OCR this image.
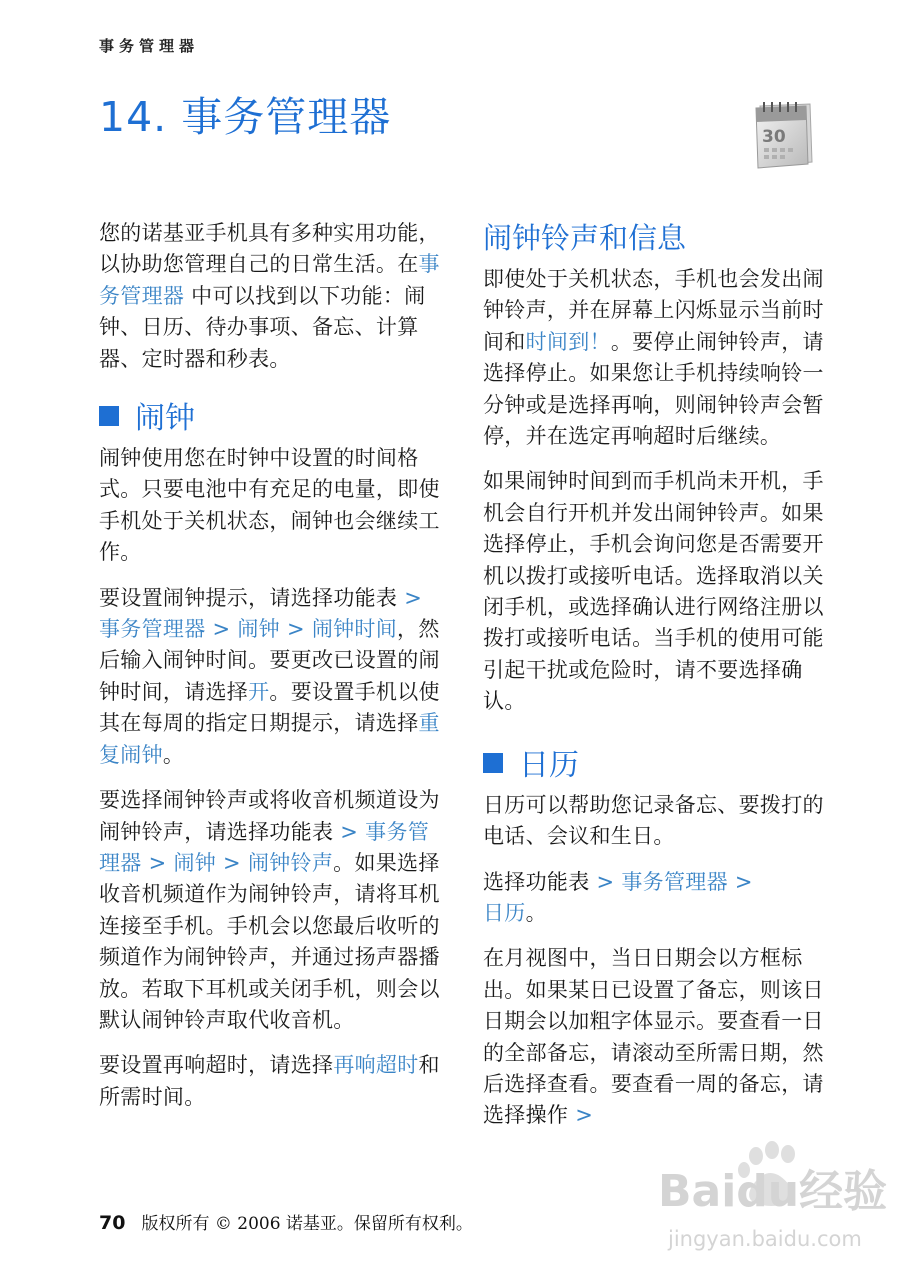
事务管理器
14. 事务管理器	30

您的诺基亚手机具有多种实用功能，以协助您管理自己的日常生活。在事务管理器 中可以找到以下功能：闹钟、日历、待办事项、备忘、计算器、定时器和秒表。

闹钟

闹钟使用您在时钟中设置的时间格式。只要电池中有充足的电量，即使手机处于关机状态，闹钟也会继续工作。

要设置闹钟提示，请选择功能表 > 事务管理器 > 闹钟 > 闹钟时间，然后输入闹钟时间。要更改已设置的闹钟时间，请选择开。要设置手机以使其在每周的指定日期提示，请选择重复闹钟。

要选择闹钟铃声或将收音机频道设为闹钟铃声，请选择功能表 > 事务管理器 > 闹钟 > 闹钟铃声。如果选择收音机频道作为闹钟铃声，请将耳机连接至手机。手机会以您最后收听的频道作为闹钟铃声，并通过扬声器播放。若取下耳机或关闭手机，则会以默认闹钟铃声取代收音机。

要设置再响超时，请选择再响超时和所需时间。

闹钟铃声和信息

即使处于关机状态，手机也会发出闹钟铃声，并在屏幕上闪烁显示当前时间和时间到！。要停止闹钟铃声，请选择停止。如果您让手机持续响铃一分钟或是选择再响，则闹钟铃声会暂停，并在选定再响超时后继续。

如果闹钟时间到而手机尚未开机，手机会自行开机并发出闹钟铃声。如果选择停止，手机会询问您是否需要开机以拨打或接听电话。选择取消以关闭手机，或选择确认进行网络注册以拨打或接听电话。当手机的使用可能引起干扰或危险时，请不要选择确认。

日历

日历可以帮助您记录备忘、要拨打的电话、会议和生日。

选择功能表 > 事务管理器 >
日历。

在月视图中，当日日期会以方框标出。如果某日已设置了备忘，则该日日期会以加粗字体显示。要查看一日的全部备忘，请滚动至所需日期，然后选择查看。要查看一周的备忘，请选择操作 >

Baidu经验
jingyan.baidu.com
70 版权所有 © 2006 诺基亚。保留所有权利。
